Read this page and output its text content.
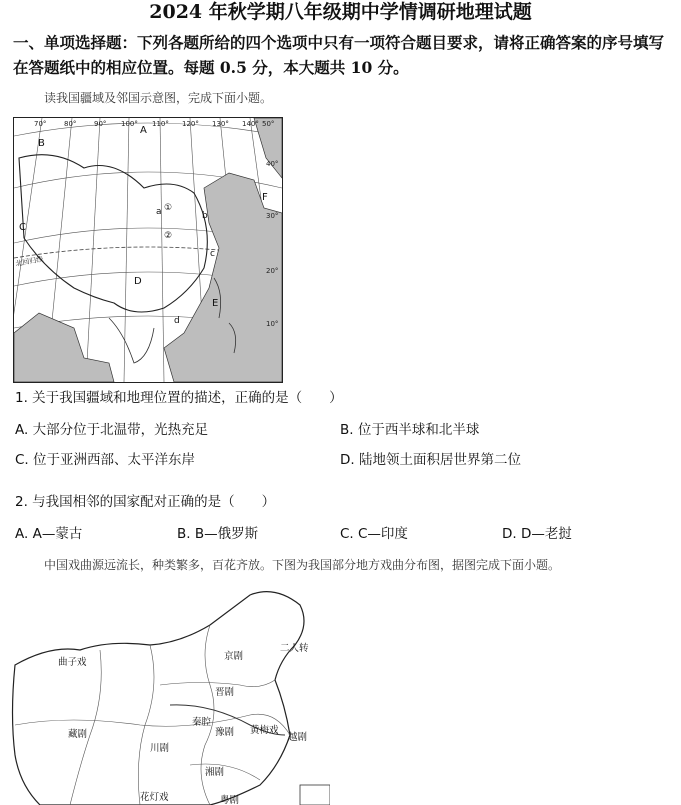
2024 年秋学期八年级期中学情调研地理试题
一、单项选择题：下列各题所给的四个选项中只有一项符合题目要求，请将正确答案的序号填写在答题纸中的相应位置。每题 0.5 分，本大题共 10 分。
读我国疆域及邻国示意图，完成下面小题。
70°	80°	90° 100° 110° 120° 130° 140° 50°
40°
30°
20°
10°
北回归线
A
B
C
D
E
F
a	b
c
d
①
②
1. 关于我国疆域和地理位置的描述，正确的是（　　）
A. 大部分位于北温带，光热充足	B. 位于西半球和北半球
C. 位于亚洲西部、太平洋东岸	D. 陆地领土面积居世界第二位
2. 与我国相邻的国家配对正确的是（　　）
A. A—蒙古	B. B—俄罗斯	C. C—印度	D. D—老挝
中国戏曲源远流长，种类繁多，百花齐放。下图为我国部分地方戏曲分布图，据图完成下面小题。
曲子戏
二人转
京剧
晋剧
秦腔
豫剧 黄梅戏
越剧
藏剧
川剧
湘剧
花灯戏	粤剧
